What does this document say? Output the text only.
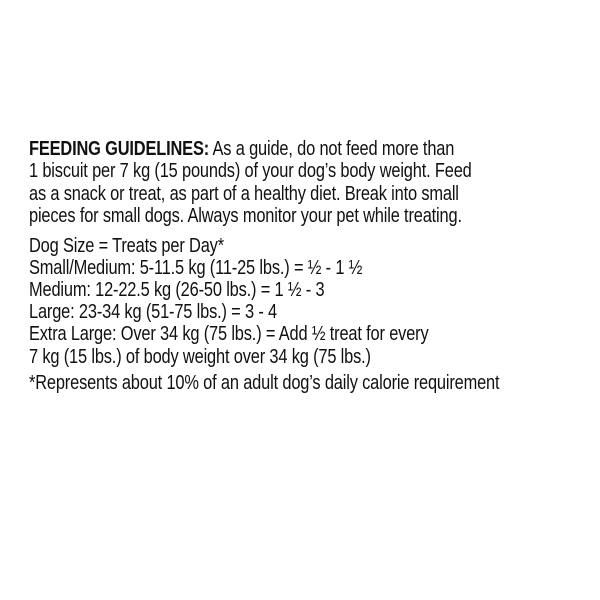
FEEDING GUIDELINES: As a guide, do not feed more than

1 biscuit per 7 kg (15 pounds) of your dog’s body weight. Feed

as a snack or treat, as part of a healthy diet. Break into small

pieces for small dogs. Always monitor your pet while treating.

Dog Size = Treats per Day*

Small/Medium: 5-11.5 kg (11-25 lbs.) = ½ - 1 ½

Medium: 12-22.5 kg (26-50 lbs.) = 1 ½ - 3

Large: 23-34 kg (51-75 lbs.) = 3 - 4

Extra Large: Over 34 kg (75 lbs.) = Add ½ treat for every

7 kg (15 lbs.) of body weight over 34 kg (75 lbs.)

*Represents about 10% of an adult dog’s daily calorie requirement
